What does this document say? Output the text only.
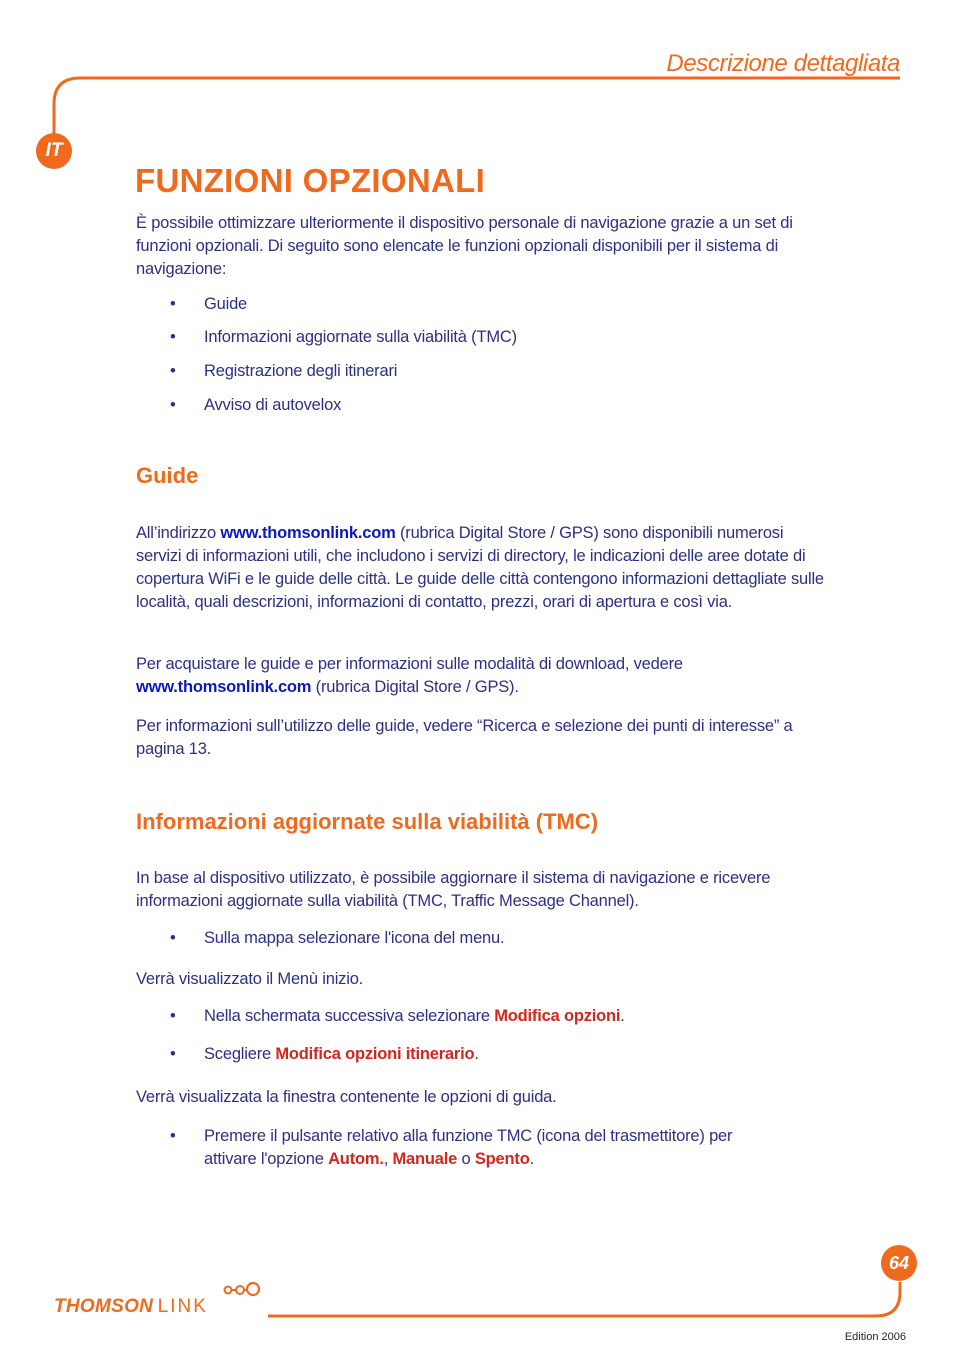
Descrizione dettagliata
IT
FUNZIONI OPZIONALI
È possibile ottimizzare ulteriormente il dispositivo personale di navigazione grazie a un set di funzioni opzionali. Di seguito sono elencate le funzioni opzionali disponibili per il sistema di navigazione:
• Guide
• Informazioni aggiornate sulla viabilità (TMC)
• Registrazione degli itinerari
• Avviso di autovelox
Guide
All’indirizzo www.thomsonlink.com (rubrica Digital Store / GPS) sono disponibili numerosi servizi di informazioni utili, che includono i servizi di directory, le indicazioni delle aree dotate di copertura WiFi e le guide delle città. Le guide delle città contengono informazioni dettagliate sulle località, quali descrizioni, informazioni di contatto, prezzi, orari di apertura e così via.
Per acquistare le guide e per informazioni sulle modalità di download, vedere www.thomsonlink.com (rubrica Digital Store / GPS).
Per informazioni sull’utilizzo delle guide, vedere “Ricerca e selezione dei punti di interesse” a pagina 13.
Informazioni aggiornate sulla viabilità (TMC)
In base al dispositivo utilizzato, è possibile aggiornare il sistema di navigazione e ricevere informazioni aggiornate sulla viabilità (TMC, Traffic Message Channel).
• Sulla mappa selezionare l'icona del menu.
Verrà visualizzato il Menù inizio.
• Nella schermata successiva selezionare Modifica opzioni.
• Scegliere Modifica opzioni itinerario.
Verrà visualizzata la finestra contenente le opzioni di guida.
• Premere il pulsante relativo alla funzione TMC (icona del trasmettitore) per attivare l'opzione Autom., Manuale o Spento.
64
THOMSON LINK
Edition 2006
